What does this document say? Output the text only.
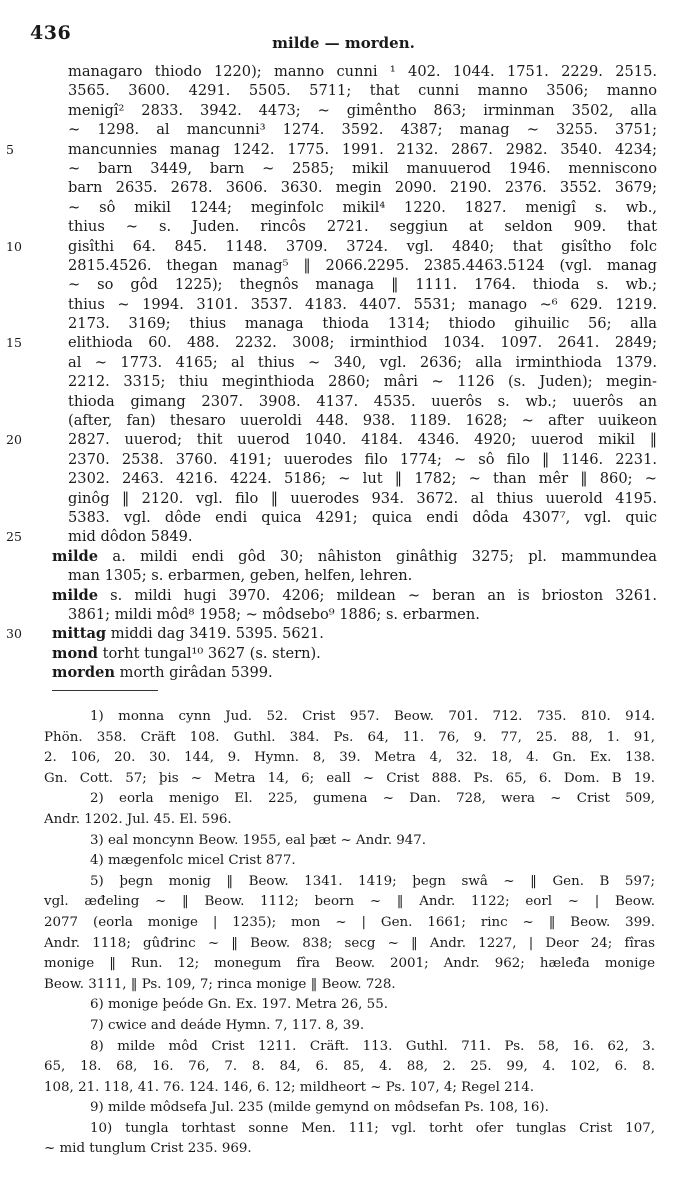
436	milde — morden.
managaro thiodo 1220); manno cunni ¹ 402. 1044. 1751. 2229. 2515.
3565. 3600. 4291. 5505. 5711; that cunni manno 3506; manno
menigî² 2833. 3942. 4473; ~ gimêntho 863; irminman 3502, alla
~ 1298. al mancunni³ 1274. 3592. 4387; manag ~ 3255. 3751;
5	mancunnies manag 1242. 1775. 1991. 2132. 2867. 2982. 3540. 4234;
~ barn 3449, barn ~ 2585; mikil manuuerod 1946. menniscono
barn 2635. 2678. 3606. 3630. megin 2090. 2190. 2376. 3552. 3679;
~ sô mikil 1244; meginfolc mikil⁴ 1220. 1827. menigî s. wb.,
thius ~ s. Juden. rincôs 2721. seggiun at seldon 909. that
10	gisîthi 64. 845. 1148. 3709. 3724. vgl. 4840; that gisîtho folc
2815.4526. thegan manag⁵ ‖ 2066.2295. 2385.4463.5124 (vgl. manag
~ so gôd 1225); thegnôs managa ‖ 1111. 1764. thioda s. wb.;
thius ~ 1994. 3101. 3537. 4183. 4407. 5531; manago ~⁶ 629. 1219.
2173. 3169; thius managa thioda 1314; thiodo gihuilic 56; alla
15	elithioda 60. 488. 2232. 3008; irminthiod 1034. 1097. 2641. 2849;
al ~ 1773. 4165; al thius ~ 340, vgl. 2636; alla irminthioda 1379.
2212. 3315; thiu meginthioda 2860; mâri ~ 1126 (s. Juden); megin-
thioda gimang 2307. 3908. 4137. 4535. uuerôs s. wb.; uuerôs an
(after, fan) thesaro uueroldi 448. 938. 1189. 1628; ~ after uuikeon
20	2827. uuerod; thit uuerod 1040. 4184. 4346. 4920; uuerod mikil ‖
2370. 2538. 3760. 4191; uuerodes filo 1774; ~ sô filo ‖ 1146. 2231.
2302. 2463. 4216. 4224. 5186; ~ lut ‖ 1782; ~ than mêr ‖ 860; ~
ginôg ‖ 2120. vgl. filo ‖ uuerodes 934. 3672. al thius uuerold 4195.
5383. vgl. dôde endi quica 4291; quica endi dôda 4307⁷, vgl. quic
25	mid dôdon 5849.
milde a. mildi endi gôd 30; nâhiston ginâthig 3275; pl. mammundea
man 1305; s. erbarmen, geben, helfen, lehren.
milde s. mildi hugi 3970. 4206; mildean ~ beran an is brioston 3261.
3861; mildi môd⁸ 1958; ~ môdsebo⁹ 1886; s. erbarmen.
30 mittag middi dag 3419. 5395. 5621.
mond torht tungal¹⁰ 3627 (s. stern).
morden morth girâdan 5399.
1) monna cynn Jud. 52. Crist 957. Beow. 701. 712. 735. 810. 914.
Phön. 358. Cräft 108. Guthl. 384. Ps. 64, 11. 76, 9. 77, 25. 88, 1. 91,
2. 106, 20. 30. 144, 9. Hymn. 8, 39. Metra 4, 32. 18, 4. Gn. Ex. 138.
Gn. Cott. 57; þis ~ Metra 14, 6; eall ~ Crist 888. Ps. 65, 6. Dom. B 19.
2) eorla menigo El. 225, gumena ~ Dan. 728, wera ~ Crist 509,
Andr. 1202. Jul. 45. El. 596.
3) eal moncynn Beow. 1955, eal þæt ~ Andr. 947.
4) mægenfolc micel Crist 877.
5) þegn monig ‖ Beow. 1341. 1419; þegn swâ ~ ‖ Gen. B 597;
vgl. æđeling ~ ‖ Beow. 1112; beorn ~ ‖ Andr. 1122; eorl ~ | Beow.
2077 (eorla monige | 1235); mon ~ | Gen. 1661; rinc ~ ‖ Beow. 399.
Andr. 1118; gûđrinc ~ ‖ Beow. 838; secg ~ ‖ Andr. 1227, | Deor 24; fîras
monige ‖ Run. 12; monegum fîra Beow. 2001; Andr. 962; hæleđa monige
Beow. 3111, ‖ Ps. 109, 7; rinca monige ‖ Beow. 728.
6) monige þeóde Gn. Ex. 197. Metra 26, 55.
7) cwice and deáde Hymn. 7, 117. 8, 39.
8) milde môd Crist 1211. Cräft. 113. Guthl. 711. Ps. 58, 16. 62, 3.
65, 18. 68, 16. 76, 7. 8. 84, 6. 85, 4. 88, 2. 25. 99, 4. 102, 6. 8.
108, 21. 118, 41. 76. 124. 146, 6. 12; mildheort ~ Ps. 107, 4; Regel 214.
9) milde môdsefa Jul. 235 (milde gemynd on môdsefan Ps. 108, 16).
10) tungla torhtast sonne Men. 111; vgl. torht ofer tunglas Crist 107,
~ mid tunglum Crist 235. 969.
